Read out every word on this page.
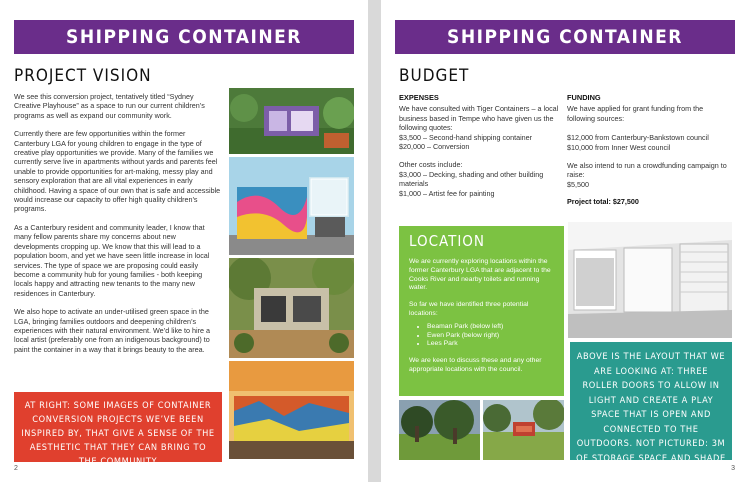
SHIPPING CONTAINER CONVERSION
PROJECT VISION

We see this conversion project, tentatively titled “Sydney Creative Playhouse” as a space to run our current children’s programs as well as expand our community work.

Currently there are few opportunities within the former Canterbury LGA for young children to engage in the type of creative play opportunities we provide. Many of the families we currently serve live in apartments without yards and parents feel unable to provide opportunities for art-making, messy play and sensory exploration that are all vital experiences in early childhood. Having a space of our own that is safe and accessible would increase our capacity to offer high quality children’s programs.

As a Canterbury resident and community leader, I know that many fellow parents share my concerns about new developments cropping up. We know that this will lead to a population boom, and yet we have seen little increase in local services. The type of space we are proposing could easily become a community hub for young families - both keeping locals happy and attracting new tenants to the many new residences in Canterbury.

We also hope to activate an under-utilised green space in the LGA, bringing families outdoors and deepening children’s experiences with their natural environment. We’d like to hire a local artist (preferably one from an indigenous background) to paint the container in a way that it brings beauty to the area.

AT RIGHT: SOME IMAGES OF CONTAINER CONVERSION PROJECTS WE’VE BEEN INSPIRED BY, THAT GIVE A SENSE OF THE AESTHETIC THAT THEY CAN BRING TO THE COMMUNITY
2
SHIPPING CONTAINER CONVERSION
BUDGET
EXPENSES
We have consulted with Tiger Containers – a local business based in Tempe who have given us the following quotes:
$3,500 – Second-hand shipping container
$20,000 – Conversion
Other costs include:
$3,000 – Decking, shading and other building materials
$1,000 – Artist fee for painting
FUNDING
We have applied for grant funding from the following sources:
$12,000 from Canterbury-Bankstown council
$10,000 from Inner West council
We also intend to run a crowdfunding campaign to raise:
$5,500
Project total: $27,500
LOCATION
We are currently exploring locations within the former Canterbury LGA that are adjacent to the Cooks River and nearby toilets and running water.
So far we have identified three potential locations:
• Beaman Park (below left)
• Ewen Park (below right)
• Lees Park
We are keen to discuss these and any other appropriate locations with the council.
ABOVE IS THE LAYOUT THAT WE ARE LOOKING AT: THREE ROLLER DOORS TO ALLOW IN LIGHT AND CREATE A PLAY SPACE THAT IS OPEN AND CONNECTED TO THE OUTDOORS. NOT PICTURED: 3M OF STORAGE SPACE AND SHADE CLOTH.	3
